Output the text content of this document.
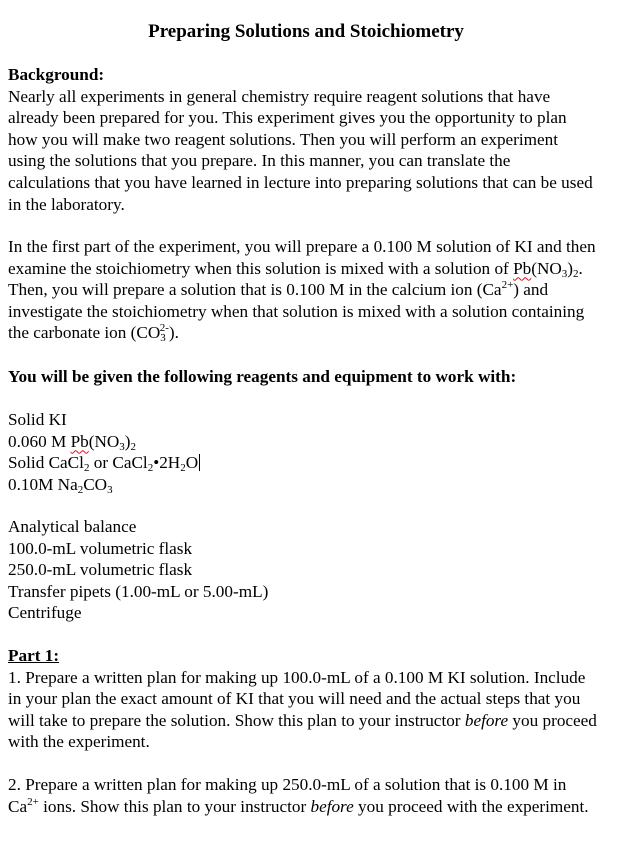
Preparing Solutions and Stoichiometry

Background:

Nearly all experiments in general chemistry require reagent solutions that have already been prepared for you. This experiment gives you the opportunity to plan how you will make two reagent solutions. Then you will perform an experiment using the solutions that you prepare. In this manner, you can translate the calculations that you have learned in lecture into preparing solutions that can be used in the laboratory.

In the first part of the experiment, you will prepare a 0.100 M solution of KI and then examine the stoichiometry when this solution is mixed with a solution of $Pb(NO_3)_2$. Then, you will prepare a solution that is 0.100 M in the calcium ion $(Ca^{2+})$ and investigate the stoichiometry when that solution is mixed with a solution containing the carbonate ion $(CO_3^{2-})$.

You will be given the following reagents and equipment to work with:
Solid KI
0.060 M $Pb(NO_3)_2$
Solid CaCl$_2$ or $CaCl_2•2H_2O$
0.10M $Na_2CO_3$
Analytical balance
100.0-mL volumetric flask
250.0-mL volumetric flask
Transfer pipets (1.00-mL or 5.00-mL)
Centrifuge

Part 1:

1. Prepare a written plan for making up 100.0-mL of a 0.100 M KI solution. Include in your plan the exact amount of KI that you will need and the actual steps that you will take to prepare the solution. Show this plan to your instructor before you proceed with the experiment.

2. Prepare a written plan for making up 250.0-mL of a solution that is 0.100 M in $Ca^{2+}$ ions. Show this plan to your instructor before you proceed with the experiment.
